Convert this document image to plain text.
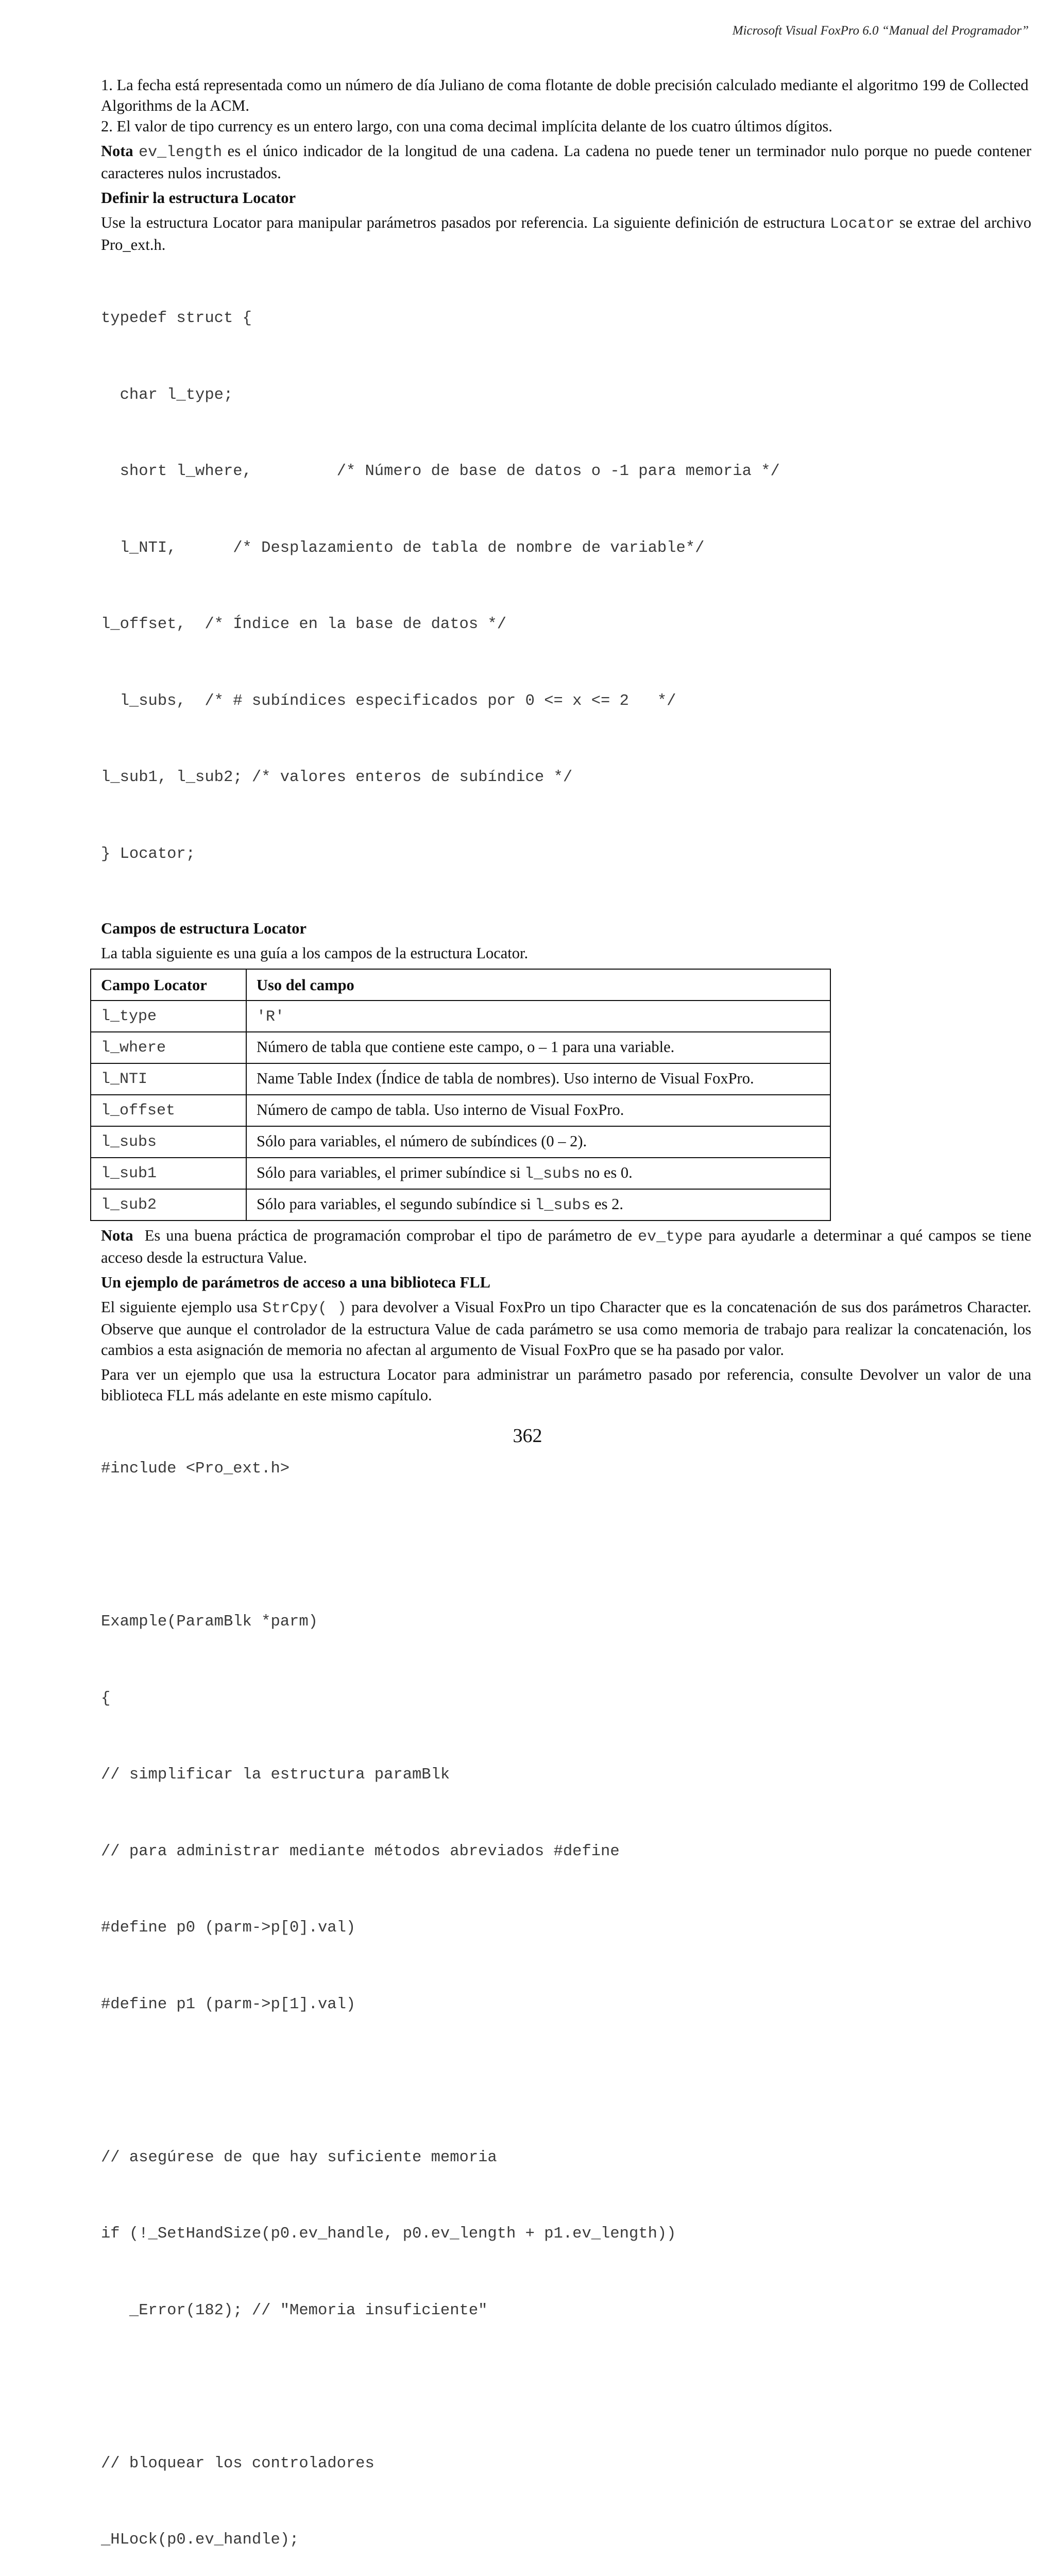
Microsoft Visual FoxPro 6.0 “Manual del Programador”

1. La fecha está representada como un número de día Juliano de coma flotante de doble precisión calculado mediante el algoritmo 199 de Collected Algorithms de la ACM.

2. El valor de tipo currency es un entero largo, con una coma decimal implícita delante de los cuatro últimos dígitos.

Nota ev_length es el único indicador de la longitud de una cadena. La cadena no puede tener un terminador nulo porque no puede contener caracteres nulos incrustados.

Definir la estructura Locator

Use la estructura Locator para manipular parámetros pasados por referencia. La siguiente definición de estructura Locator se extrae del archivo Pro_ext.h.

typedef struct {

char l_type;

short l_where,         /* Número de base de datos o -1 para memoria */

l_NTI,      /* Desplazamiento de tabla de nombre de variable*/

l_offset,  /* Índice en la base de datos */

l_subs,  /* # subíndices especificados por 0 <= x <= 2   */

l_sub1, l_sub2; /* valores enteros de subíndice */

} Locator;

Campos de estructura Locator

La tabla siguiente es una guía a los campos de la estructura Locator.

Campo Locator	Uso del campo
l_type	'R'
l_where	Número de tabla que contiene este campo, o – 1 para una variable.
l_NTI	Name Table Index (Índice de tabla de nombres). Uso interno de Visual FoxPro.
l_offset	Número de campo de tabla. Uso interno de Visual FoxPro.
l_subs	Sólo para variables, el número de subíndices (0 – 2).
l_sub1	Sólo para variables, el primer subíndice si l_subs no es 0.
l_sub2	Sólo para variables, el segundo subíndice si l_subs es 2.

Nota  Es una buena práctica de programación comprobar el tipo de parámetro de ev_type para ayudarle a determinar a qué campos se tiene acceso desde la estructura Value.

Un ejemplo de parámetros de acceso a una biblioteca FLL

El siguiente ejemplo usa StrCpy( ) para devolver a Visual FoxPro un tipo Character que es la concatenación de sus dos parámetros Character. Observe que aunque el controlador de la estructura Value de cada parámetro se usa como memoria de trabajo para realizar la concatenación, los cambios a esta asignación de memoria no afectan al argumento de Visual FoxPro que se ha pasado por valor.

Para ver un ejemplo que usa la estructura Locator para administrar un parámetro pasado por referencia, consulte Devolver un valor de una biblioteca FLL más adelante en este mismo capítulo.

#include <Pro_ext.h>

Example(ParamBlk *parm)

{

// simplificar la estructura paramBlk

// para administrar mediante métodos abreviados #define

#define p0 (parm->p[0].val)

#define p1 (parm->p[1].val)

// asegúrese de que hay suficiente memoria

if (!_SetHandSize(p0.ev_handle, p0.ev_length + p1.ev_length))

_Error(182); // "Memoria insuficiente"

// bloquear los controladores

_HLock(p0.ev_handle);

362
